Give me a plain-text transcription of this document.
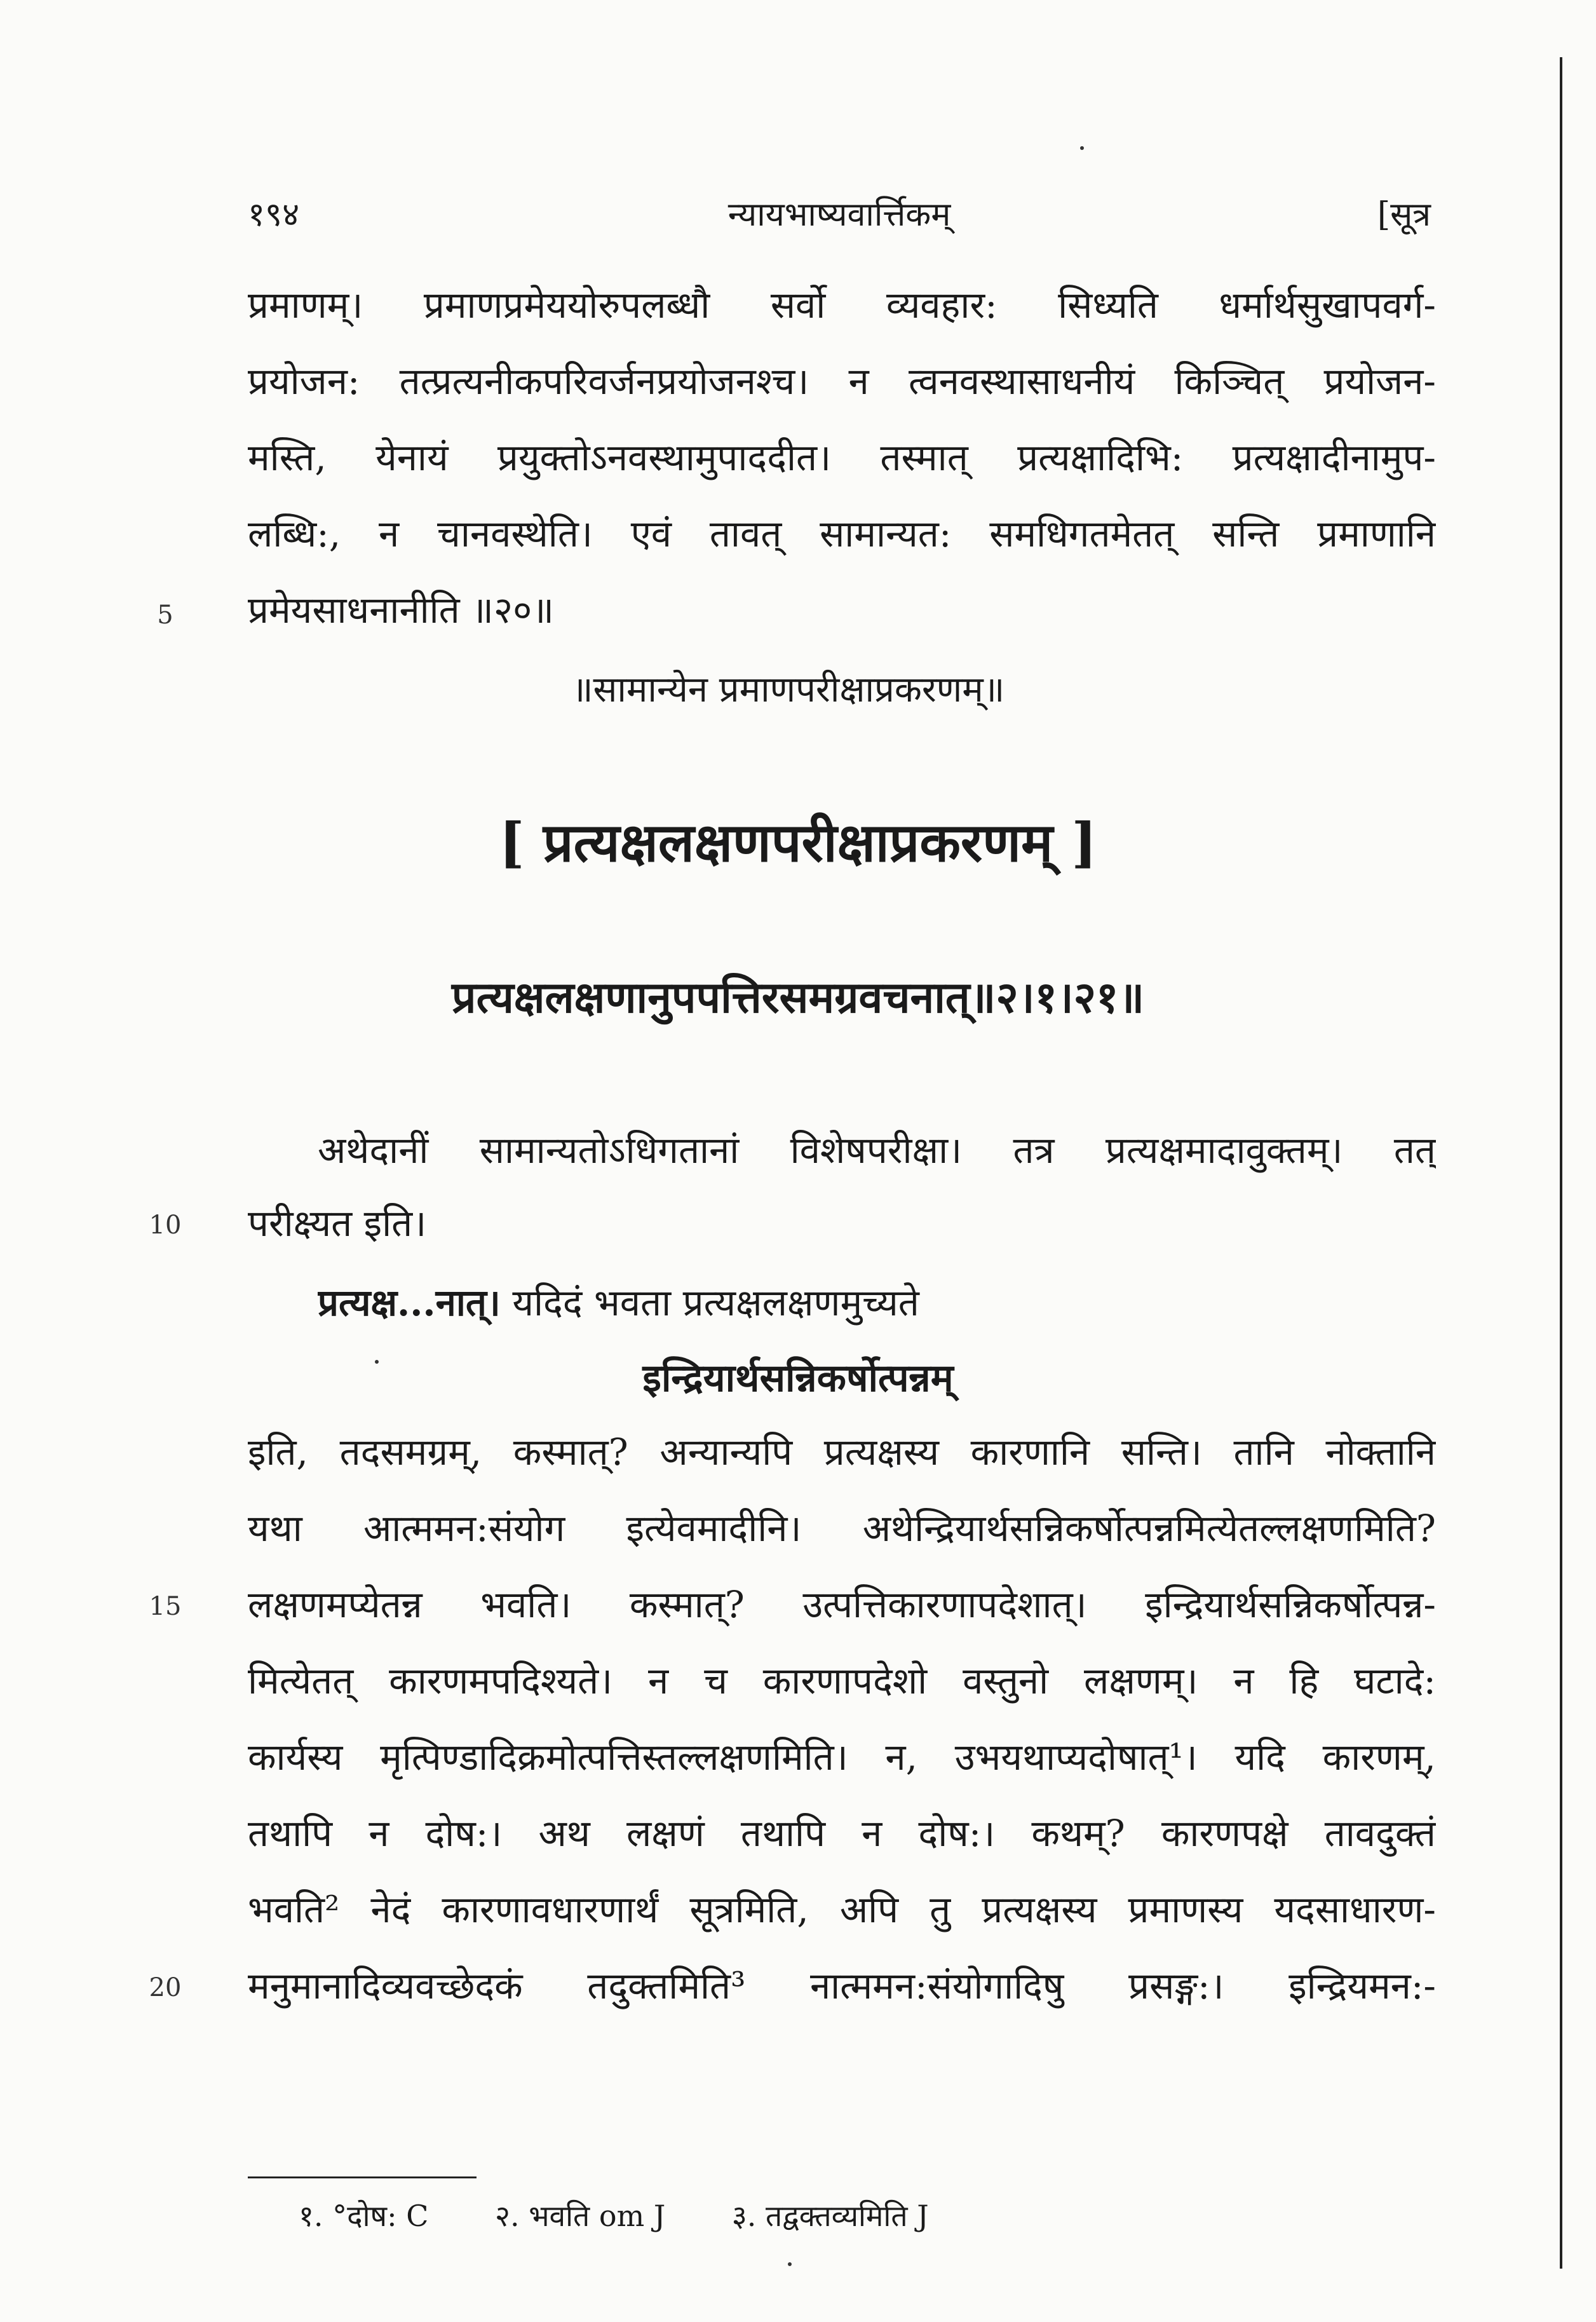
१९४	न्यायभाष्यवार्त्तिकम्	[सूत्र
प्रमाणम्। प्रमाणप्रमेययोरुपलब्धौ सर्वो व्यवहार: सिध्यति धर्मार्थसुखापवर्ग-
प्रयोजन: तत्प्रत्यनीकपरिवर्जनप्रयोजनश्च। न त्वनवस्थासाधनीयं किञ्चित् प्रयोजन-
मस्ति, येनायं प्रयुक्तोऽनवस्थामुपाददीत। तस्मात् प्रत्यक्षादिभि: प्रत्यक्षादीनामुप-
लब्धि:, न चानवस्थेति। एवं तावत् सामान्यत: समधिगतमेतत् सन्ति प्रमाणानि
5	प्रमेयसाधनानीति ॥२०॥
॥सामान्येन प्रमाणपरीक्षाप्रकरणम्॥
[ प्रत्यक्षलक्षणपरीक्षाप्रकरणम् ]
प्रत्यक्षलक्षणानुपपत्तिरसमग्रवचनात्॥२।१।२१॥
अथेदानीं सामान्यतोऽधिगतानां विशेषपरीक्षा। तत्र प्रत्यक्षमादावुक्तम्। तत्
10	परीक्ष्यत इति।
प्रत्यक्ष...नात्। यदिदं भवता प्रत्यक्षलक्षणमुच्यते
इन्द्रियार्थसन्निकर्षोत्पन्नम्
इति, तदसमग्रम्, कस्मात्? अन्यान्यपि प्रत्यक्षस्य कारणानि सन्ति। तानि नोक्तानि
यथा आत्ममन:संयोग इत्येवमादीनि। अथेन्द्रियार्थसन्निकर्षोत्पन्नमित्येतल्लक्षणमिति?
15	लक्षणमप्येतन्न भवति। कस्मात्? उत्पत्तिकारणापदेशात्। इन्द्रियार्थसन्निकर्षोत्पन्न-
मित्येतत् कारणमपदिश्यते। न च कारणापदेशो वस्तुनो लक्षणम्। न हि घटादे:
कार्यस्य मृत्पिण्डादिक्रमोत्पत्तिस्तल्लक्षणमिति। न, उभयथाप्यदोषात्¹। यदि कारणम्,
तथापि न दोष:। अथ लक्षणं तथापि न दोष:। कथम्? कारणपक्षे तावदुक्तं
भवति² नेदं कारणावधारणार्थं सूत्रमिति, अपि तु प्रत्यक्षस्य प्रमाणस्य यदसाधारण-
20	मनुमानादिव्यवच्छेदकं तदुक्तमिति³ नात्ममन:संयोगादिषु प्रसङ्ग:। इन्द्रियमन:-
१. °दोष: C २. भवति om J ३. तद्वक्तव्यमिति J
